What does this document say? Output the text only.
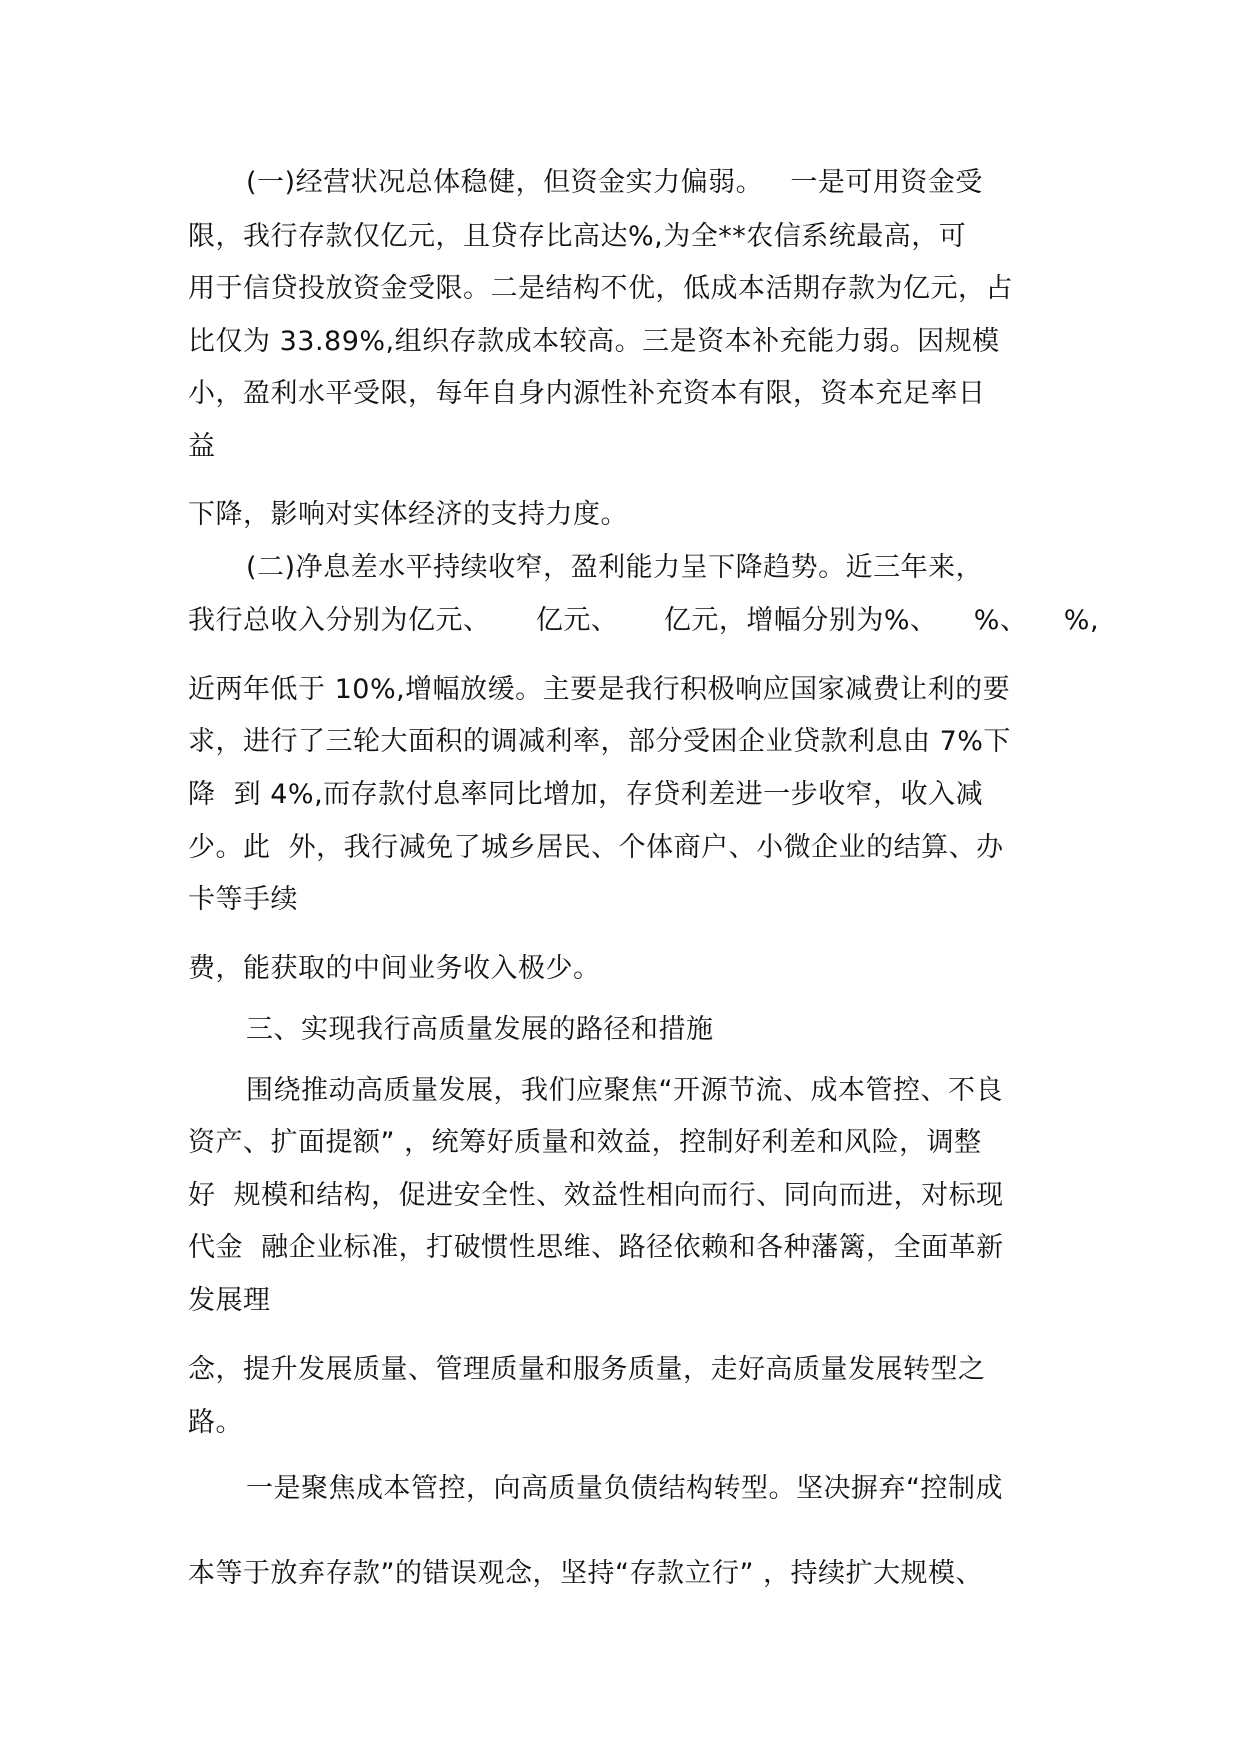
(一)经营状况总体稳健，但资金实力偏弱。   一是可用资金受
限，我行存款仅亿元，且贷存比高达%,为全**农信系统最高，可
用于信贷投放资金受限。二是结构不优，低成本活期存款为亿元，占
比仅为 33.89%,组织存款成本较高。三是资本补充能力弱。因规模
小，盈利水平受限，每年自身内源性补充资本有限，资本充足率日
益
下降，影响对实体经济的支持力度。
(二)净息差水平持续收窄，盈利能力呈下降趋势。近三年来，
我行总收入分别为亿元、     亿元、     亿元，增幅分别为%、    %、    %,
近两年低于 10%,增幅放缓。主要是我行积极响应国家减费让利的要
求，进行了三轮大面积的调减利率，部分受困企业贷款利息由 7%下
降  到 4%,而存款付息率同比增加，存贷利差进一步收窄，收入减
少。此  外，我行减免了城乡居民、个体商户、小微企业的结算、办
卡等手续
费，能获取的中间业务收入极少。
三、实现我行高质量发展的路径和措施
围绕推动高质量发展，我们应聚焦“开源节流、成本管控、不良
资产、扩面提额” ，统筹好质量和效益，控制好利差和风险，调整
好  规模和结构，促进安全性、效益性相向而行、同向而进，对标现
代金  融企业标准，打破惯性思维、路径依赖和各种藩篱，全面革新
发展理
念，提升发展质量、管理质量和服务质量，走好高质量发展转型之
路。
一是聚焦成本管控，向高质量负债结构转型。坚决摒弃“控制成
本等于放弃存款”的错误观念，坚持“存款立行” ，持续扩大规模、
